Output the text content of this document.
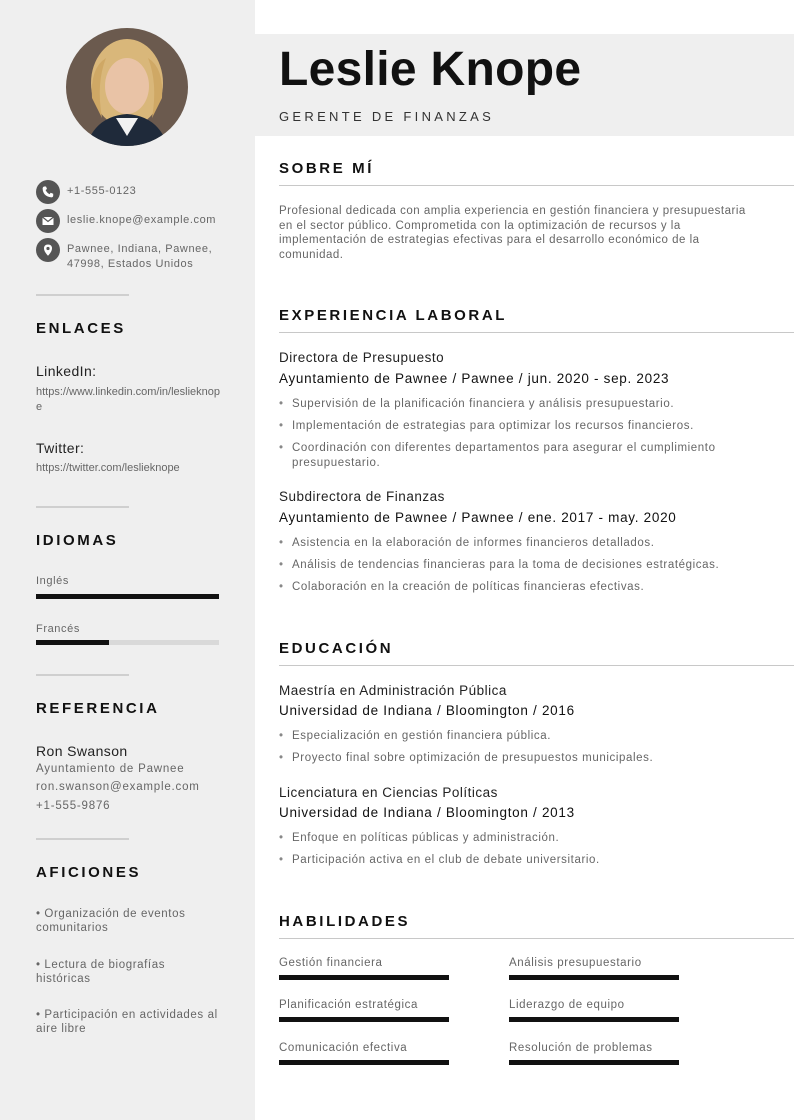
+1-555-0123
leslie.knope@example.com
Pawnee, Indiana, Pawnee, 47998, Estados Unidos
ENLACES
LinkedIn:
https://www.linkedin.com/in/leslieknope
Twitter:
https://twitter.com/leslieknope
IDIOMAS
Inglés
Francés
REFERENCIA
Ron Swanson
Ayuntamiento de Pawnee
ron.swanson@example.com
+1-555-9876
AFICIONES
• Organización de eventos comunitarios
• Lectura de biografías históricas
• Participación en actividades al aire libre
Leslie Knope
GERENTE DE FINANZAS
SOBRE MÍ
Profesional dedicada con amplia experiencia en gestión financiera y presupuestaria en el sector público. Comprometida con la optimización de recursos y la implementación de estrategias efectivas para el desarrollo económico de la comunidad.
EXPERIENCIA LABORAL
Directora de Presupuesto
Ayuntamiento de Pawnee / Pawnee / jun. 2020 - sep. 2023
• Supervisión de la planificación financiera y análisis presupuestario.
• Implementación de estrategias para optimizar los recursos financieros.
• Coordinación con diferentes departamentos para asegurar el cumplimiento presupuestario.
Subdirectora de Finanzas
Ayuntamiento de Pawnee / Pawnee / ene. 2017 - may. 2020
• Asistencia en la elaboración de informes financieros detallados.
• Análisis de tendencias financieras para la toma de decisiones estratégicas.
• Colaboración en la creación de políticas financieras efectivas.
EDUCACIÓN
Maestría en Administración Pública
Universidad de Indiana / Bloomington / 2016
• Especialización en gestión financiera pública.
• Proyecto final sobre optimización de presupuestos municipales.
Licenciatura en Ciencias Políticas
Universidad de Indiana / Bloomington / 2013
• Enfoque en políticas públicas y administración.
• Participación activa en el club de debate universitario.
HABILIDADES
Gestión financiera	Análisis presupuestario
Planificación estratégica	Liderazgo de equipo
Comunicación efectiva	Resolución de problemas
